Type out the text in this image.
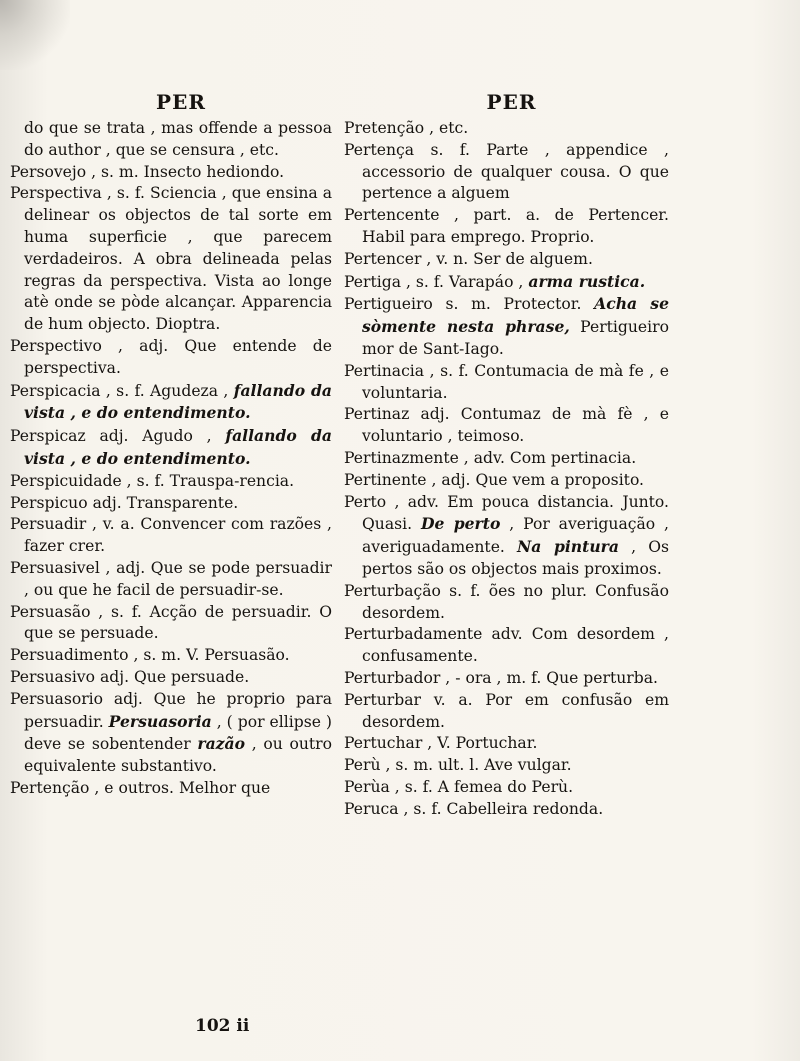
PER
do que se trata , mas offende a pessoa do author , que se censura , etc.
Persovejo , s. m. Insecto hediondo.
Perspectiva , s. f. Sciencia , que ensina a delinear os objectos de tal sorte em huma superficie , que parecem verdadeiros. A obra delineada pelas regras da perspectiva. Vista ao longe atè onde se pòde alcançar. Apparencia de hum objecto. Dioptra.
Perspectivo , adj. Que entende de perspectiva.
Perspicacia , s. f. Agudeza , fallando da vista , e do entendimento.
Perspicaz adj. Agudo , fallando da vista , e do entendimento.
Perspicuidade , s. f. Trauspa-rencia.
Perspicuo adj. Transparente.
Persuadir , v. a. Convencer com razões , fazer crer.
Persuasivel , adj. Que se pode persuadir , ou que he facil de persuadir-se.
Persuasão , s. f. Acção de persuadir. O que se persuade.
Persuadimento , s. m. V. Persuasão.
Persuasivo adj. Que persuade.
Persuasorio adj. Que he proprio para persuadir. Persuasoria , ( por ellipse ) deve se sobentender razão , ou outro equivalente substantivo.
Pertenção , e outros. Melhor que
PER
Pretenção , etc.
Pertença s. f. Parte , appendice , accessorio de qualquer cousa. O que pertence a alguem
Pertencente , part. a. de Pertencer. Habil para emprego. Proprio.
Pertencer , v. n. Ser de alguem.
Pertiga , s. f. Varapáo , arma rustica.
Pertigueiro s. m. Protector. Acha se sòmente nesta phrase, Pertigueiro mor de Sant-Iago.
Pertinacia , s. f. Contumacia de mà fe , e voluntaria.
Pertinaz adj. Contumaz de mà fè , e voluntario , teimoso.
Pertinazmente , adv. Com pertinacia.
Pertinente , adj. Que vem a proposito.
Perto , adv. Em pouca distancia. Junto. Quasi. De perto , Por averiguação , averiguadamente. Na pintura , Os pertos são os objectos mais proximos.
Perturbação s. f. ões no plur. Confusão desordem.
Perturbadamente adv. Com desordem , confusamente.
Perturbador , - ora , m. f. Que perturba.
Perturbar v. a. Por em confusão em desordem.
Pertuchar , V. Portuchar.
Perù , s. m. ult. l. Ave vulgar.
Perùa , s. f. A femea do Perù.
Peruca , s. f. Cabelleira redonda.
102 ii
